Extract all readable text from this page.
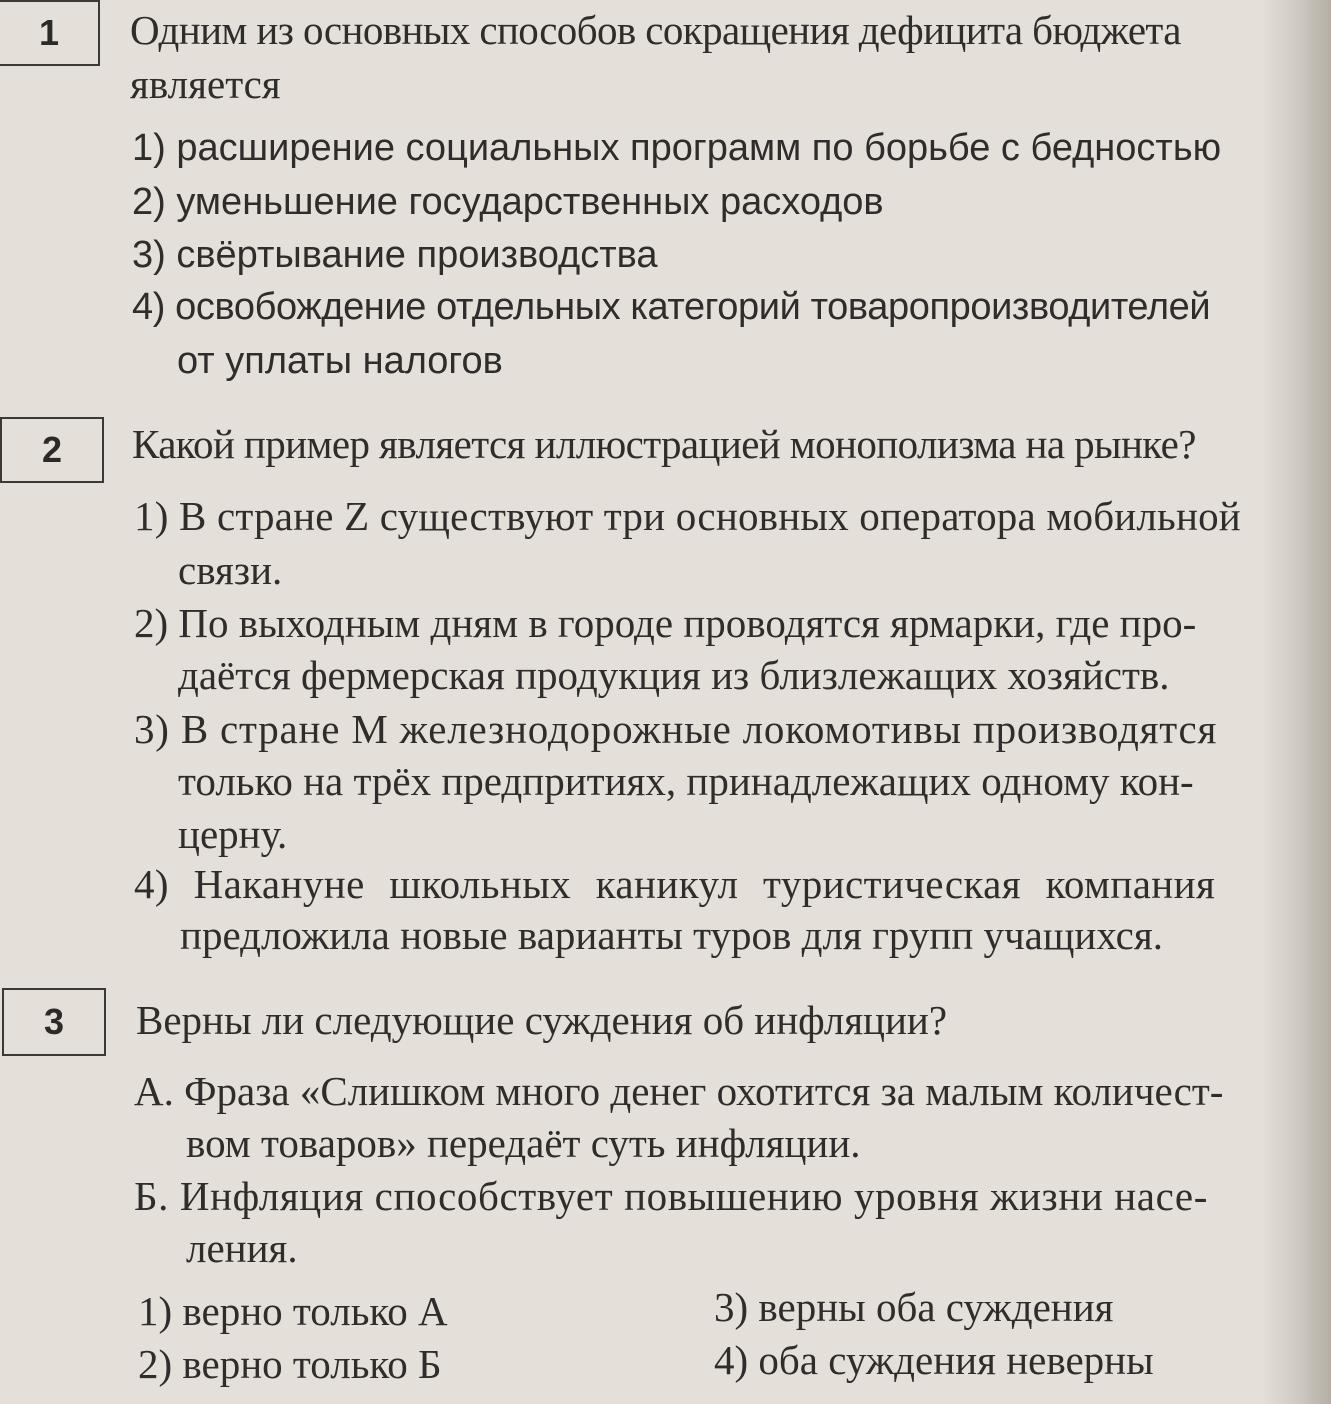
1 Одним из основных способов сокращения дефицита бюджета
является
1) расширение социальных программ по борьбе с бедностью
2) уменьшение государственных расходов
3) свёртывание производства
4) освобождение отдельных категорий товаропроизводителей
от уплаты налогов
2 Какой пример является иллюстрацией монополизма на рынке?
1) В стране Z существуют три основных оператора мобильной
связи.
2) По выходным дням в городе проводятся ярмарки, где про-
даётся фермерская продукция из близлежащих хозяйств.
3) В стране М железнодорожные локомотивы производятся
только на трёх предпритиях, принадлежащих одному кон-
церну.
4) Накануне школьных каникул туристическая компания
предложила новые варианты туров для групп учащихся.
3 Верны ли следующие суждения об инфляции?
А. Фраза «Слишком много денег охотится за малым количест-
вом товаров» передаёт суть инфляции.
Б. Инфляция способствует повышению уровня жизни насе-
ления.
1) верно только А
2) верно только Б
3) верны оба суждения
4) оба суждения неверны
